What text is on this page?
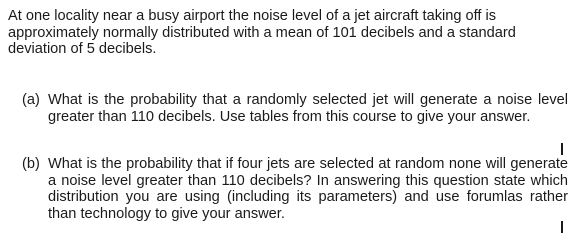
At one locality near a busy airport the noise level of a jet aircraft taking off is approximately normally distributed with a mean of 101 decibels and a standard deviation of 5 decibels.

(a) What is the probability that a randomly selected jet will generate a noise level greater than 110 decibels. Use tables from this course to give your answer.
(b) What is the probability that if four jets are selected at random none will generate a noise level greater than 110 decibels? In answering this question state which distribution you are using (including its parameters) and use forumlas rather than technology to give your answer.
